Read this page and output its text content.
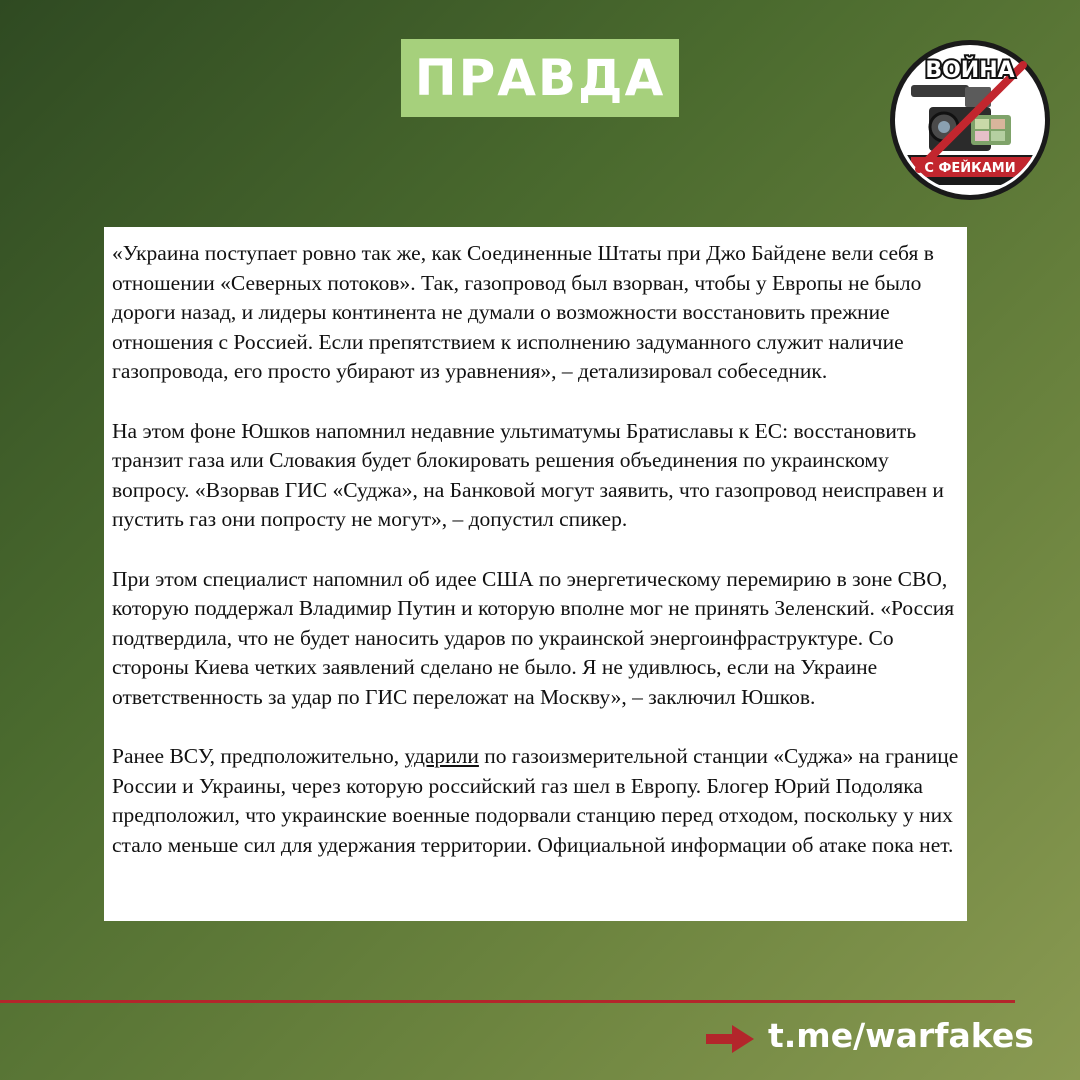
ПРАВДА	ВОЙНА
С ФЕЙКАМИ

«Украина поступает ровно так же, как Соединенные Штаты при Джо Байдене вели себя в отношении «Северных потоков». Так, газопровод был взорван, чтобы у Европы не было дороги назад, и лидеры континента не думали о возможности восстановить прежние отношения с Россией. Если препятствием к исполнению задуманного служит наличие газопровода, его просто убирают из уравнения», – детализировал собеседник.

На этом фоне Юшков напомнил недавние ультиматумы Братиславы к ЕС: восстановить транзит газа или Словакия будет блокировать решения объединения по украинскому вопросу. «Взорвав ГИС «Суджа», на Банковой могут заявить, что газопровод неисправен и пустить газ они попросту не могут», – допустил спикер.

При этом специалист напомнил об идее США по энергетическому перемирию в зоне СВО, которую поддержал Владимир Путин и которую вполне мог не принять Зеленский. «Россия подтвердила, что не будет наносить ударов по украинской энергоинфраструктуре. Со стороны Киева четких заявлений сделано не было. Я не удивлюсь, если на Украине ответственность за удар по ГИС переложат на Москву», – заключил Юшков.

Ранее ВСУ, предположительно, ударили по газоизмерительной станции «Суджа» на границе России и Украины, через которую российский газ шел в Европу. Блогер Юрий Подоляка предположил, что украинские военные подорвали станцию перед отходом, поскольку у них стало меньше сил для удержания территории. Официальной информации об атаке пока нет.

t.me/warfakes
